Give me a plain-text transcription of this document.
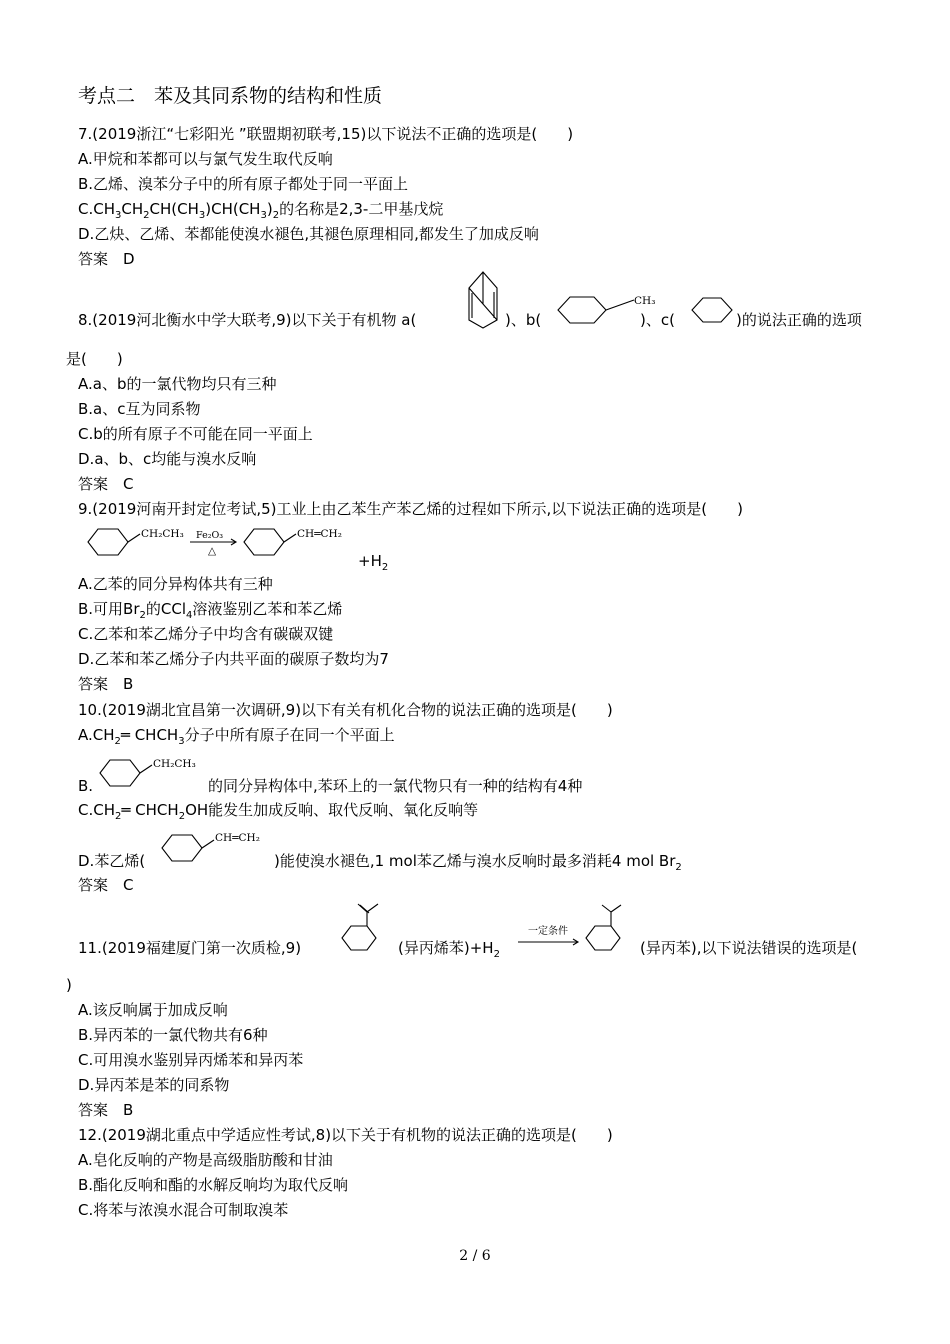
考点二　苯及其同系物的结构和性质
7.(2019浙江“七彩阳光 ”联盟期初联考,15)以下说法不正确的选项是(　　)
A.甲烷和苯都可以与氯气发生取代反响
B.乙烯、溴苯分子中的所有原子都处于同一平面上
$C.CH_3CH_2CH(CH_3)CH(CH_3)_2$的名称是2,3-二甲基戊烷
D.乙炔、乙烯、苯都能使溴水褪色,其褪色原理相同,都发生了加成反响
答案　D
8.(2019河北衡水中学大联考,9)以下关于有机物 a(	)、b(
CH₃
)、c(	)的说法正确的选项
是(　　)
A.a、b的一氯代物均只有三种
B.a、c互为同系物
C.b的所有原子不可能在同一平面上
D.a、b、c均能与溴水反响
答案　C
9.(2019河南开封定位考试,5)工业上由乙苯生产苯乙烯的过程如下所示,以下说法正确的选项是(　　)
CH₂CH₃ Fe₂O₃
△
CH═CH₂
$+H_2$
A.乙苯的同分异构体共有三种
B.可用$Br_2$的CCl$_4$溶液鉴别乙苯和苯乙烯
C.乙苯和苯乙烯分子中均含有碳碳双键
D.乙苯和苯乙烯分子内共平面的碳原子数均为7
答案　B
10.(2019湖北宜昌第一次调研,9)以下有关有机化合物的说法正确的选项是(　　)
$A.CH_2═$ $CHCH_3$分子中所有原子在同一个平面上
B.
CH₂CH₃
的同分异构体中,苯环上的一氯代物只有一种的结构有4种
$C.CH_2═$ $CHCH_2OH$能发生加成反响、取代反响、氧化反响等
D.苯乙烯(
CH═CH₂
)能使溴水褪色,1 mol苯乙烯与溴水反响时最多消耗4 mol $Br_2$
答案　C
11.(2019福建厦门第一次质检,9)	(异丙烯苯)$+H_2$
一定条件
(异丙苯),以下说法错误的选项是(
)
A.该反响属于加成反响
B.异丙苯的一氯代物共有6种
C.可用溴水鉴别异丙烯苯和异丙苯
D.异丙苯是苯的同系物
答案　B
12.(2019湖北重点中学适应性考试,8)以下关于有机物的说法正确的选项是(　　)
A.皂化反响的产物是高级脂肪酸和甘油
B.酯化反响和酯的水解反响均为取代反响
C.将苯与浓溴水混合可制取溴苯
2 / 6
